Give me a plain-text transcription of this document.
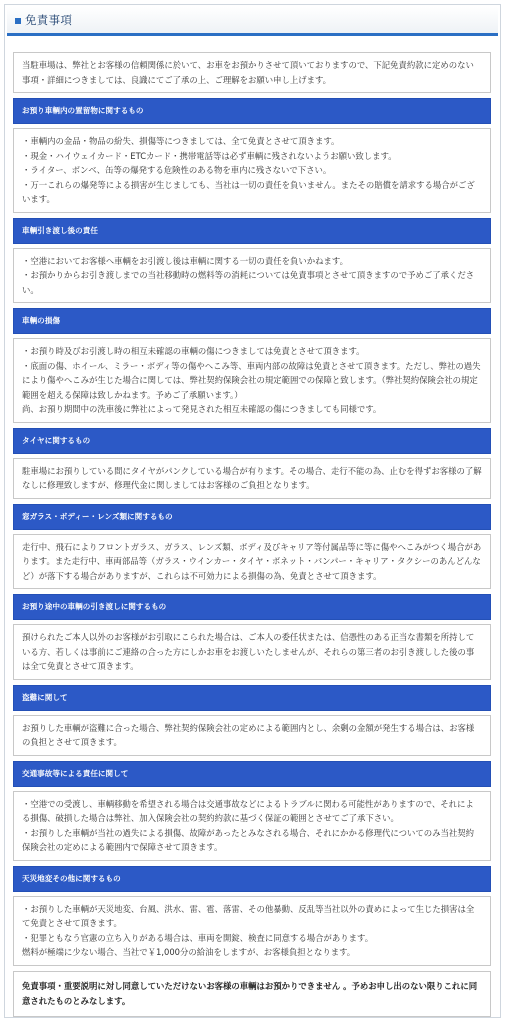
免責事項

当駐車場は、弊社とお客様の信頼関係に於いて、お車をお預かりさせて頂いておりますので、下記免責約款に定めのない事項・詳細につきましては、良識にてご了承の上、ご理解をお願い申し上げます。

お預り車輌内の置留物に関するもの

・車輌内の金品・物品の紛失、損傷等につきましては、全て免責とさせて頂きます。

・現金・ハイウェイカード・ETCカード・携帯電話等は必ず車輌に残されないようお願い致します。

・ライター、ボンベ、缶等の爆発する危険性のある物を車内に残さないで下さい。

・万一これらの爆発等による損害が生じましても、当社は一切の責任を負いません。またその賠償を請求する場合がございます。

車輌引き渡し後の責任

・空港においてお客様へ車輌をお引渡し後は車輌に関する一切の責任を負いかねます。

・お預かりからお引き渡しまでの当社移動時の燃料等の消耗については免責事項とさせて頂きますので予めご了承ください。

車輌の損傷

・お預り時及びお引渡し時の相互未確認の車輌の傷につきましては免責とさせて頂きます。

・底面の傷、ホイール、ミラー・ボディ等の傷やへこみ等、車両内部の故障は免責とさせて頂きます。ただし、弊社の過失により傷やへこみが生じた場合に関しては、弊社契約保険会社の規定範囲での保障と致します。（弊社契約保険会社の規定範囲を超える保障は致しかねます。予めご了承願います。）

尚、お預り期間中の洗車後に弊社によって発見された相互未確認の傷につきましても同様です。

タイヤに関するもの

駐車場にお預りしている間にタイヤがパンクしている場合が有ります。その場合、走行不能の為、止むを得ずお客様の了解なしに修理致しますが、修理代金に関しましてはお客様のご負担となります。

窓ガラス・ボディー・レンズ類に関するもの

走行中、飛石によりフロントガラス、ガラス、レンズ類、ボディ及びキャリア等付属品等に等に傷やへこみがつく場合があります。また走行中、車両部品等（ガラス・ウインカー・タイヤ・ボネット・バンパー・キャリア・タクシーのあんどんなど）が落下する場合がありますが、これらは不可効力による損傷の為、免責とさせて頂きます。

お預り途中の車輌の引き渡しに関するもの

預けられたご本人以外のお客様がお引取にこられた場合は、ご本人の委任状または、信憑性のある正当な書類を所持している方、若しくは事前にご連絡の合った方にしかお車をお渡しいたしませんが、それらの第三者のお引き渡しした後の事は全て免責とさせて頂きます。

盗難に関して

お預りした車輌が盗難に合った場合、弊社契約保険会社の定めによる範囲内とし、余剰の金額が発生する場合は、お客様の負担とさせて頂きます。

交通事故等による責任に関して

・空港での受渡し、車輌移動を希望される場合は交通事故などによるトラブルに関わる可能性がありますので、それによる損傷、破損した場合は弊社、加入保険会社の契約約款に基づく保証の範囲とさせてご了承下さい。

・お預りした車輌が当社の過失による損傷、故障があったとみなされる場合、それにかかる修理代についてのみ当社契約保険会社の定めによる範囲内で保障させて頂きます。

天災地変その他に関するもの

・お預りした車輌が天災地変、台風、洪水、雷、雹、落雷、その他暴動、反乱等当社以外の責めによって生じた損害は全て免責とさせて頂きます。

・犯罪ともなう官憲の立ち入りがある場合は、車両を開錠、検査に同意する場合があります。

燃料が極端に少ない場合、当社で￥1,000分の給油をしますが、お客様負担となります。

免責事項・重要説明に対し同意していただけないお客様の車輌はお預かりできません 。予めお申し出のない限りこれに同意されたものとみなします。
